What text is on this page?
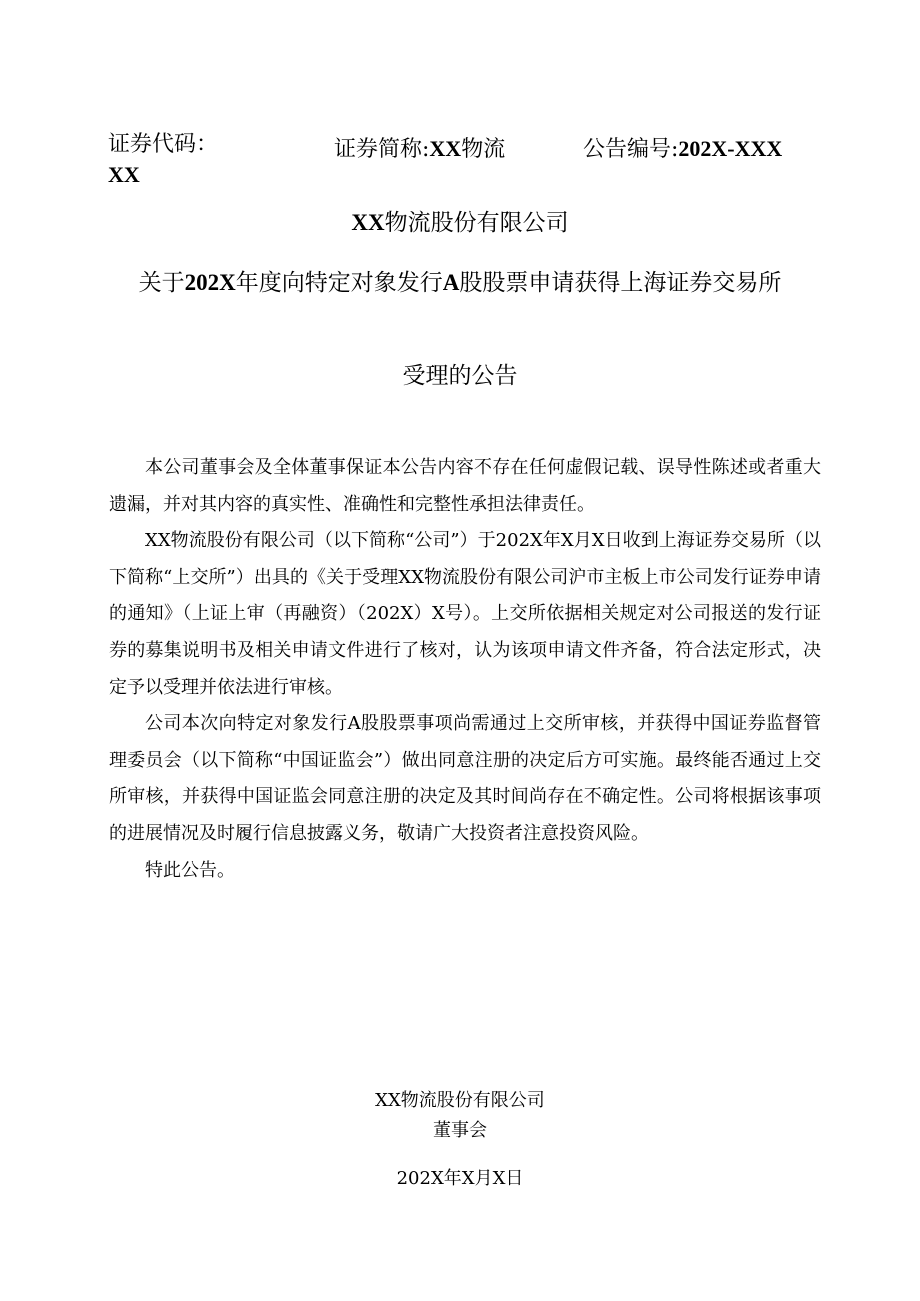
证券代码：
XX
证券简称:XX物流	公告编号:202X-XXX
XX物流股份有限公司
关于202X年度向特定对象发行A股股票申请获得上海证券交易所
受理的公告

本公司董事会及全体董事保证本公告内容不存在任何虚假记载、误导性陈述或者重大遗漏，并对其内容的真实性、准确性和完整性承担法律责任。

XX物流股份有限公司（以下简称“公司”）于202X年X月X日收到上海证券交易所（以下简称“上交所”）出具的《关于受理XX物流股份有限公司沪市主板上市公司发行证券申请的通知》（上证上审（再融资）（202X）X号）。上交所依据相关规定对公司报送的发行证券的募集说明书及相关申请文件进行了核对，认为该项申请文件齐备，符合法定形式，决定予以受理并依法进行审核。

公司本次向特定对象发行A股股票事项尚需通过上交所审核，并获得中国证券监督管理委员会（以下简称“中国证监会”）做出同意注册的决定后方可实施。最终能否通过上交所审核，并获得中国证监会同意注册的决定及其时间尚存在不确定性。公司将根据该事项的进展情况及时履行信息披露义务，敬请广大投资者注意投资风险。

特此公告。

XX物流股份有限公司
董事会
202X年X月X日
